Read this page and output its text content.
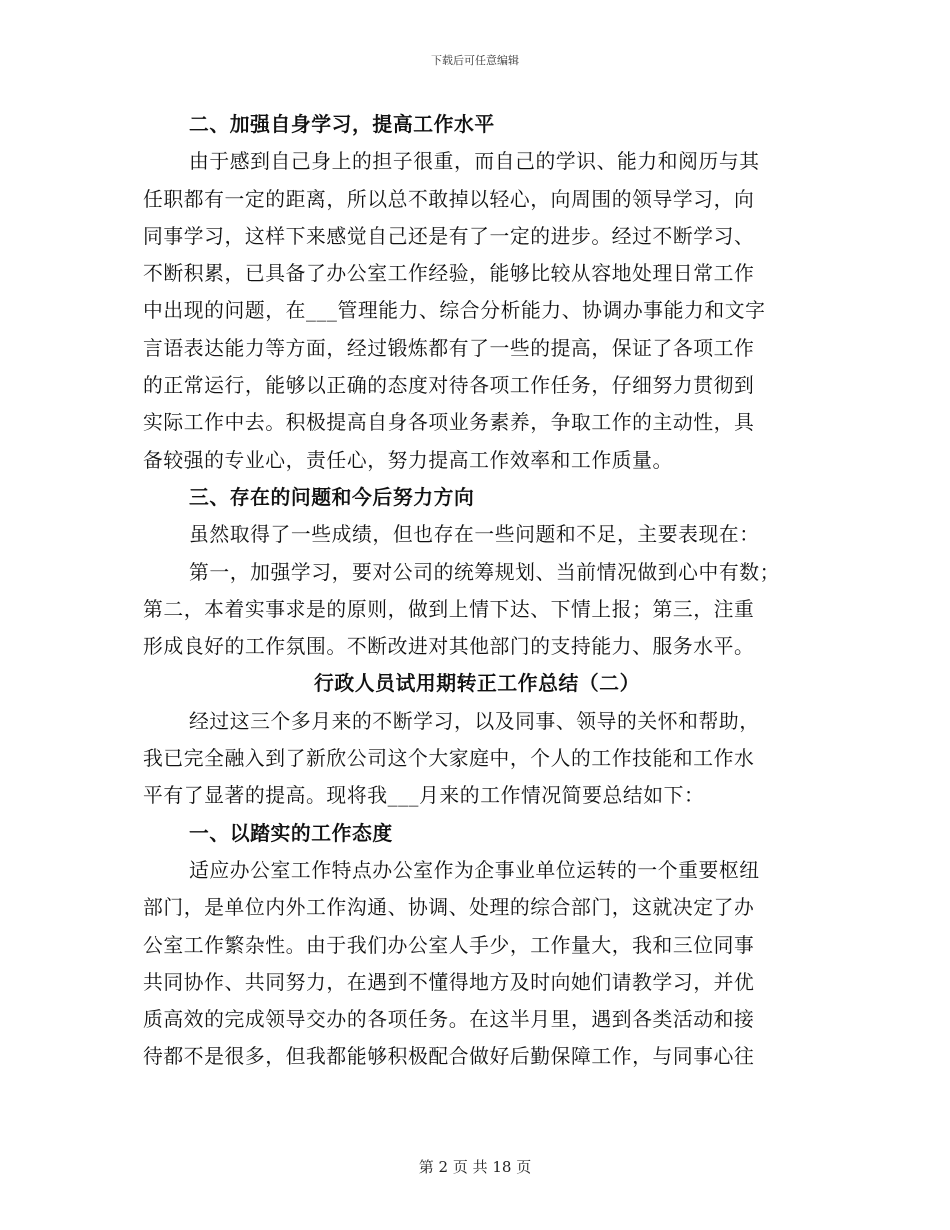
下载后可任意编辑
二、加强自身学习，提高工作水平
由于感到自己身上的担子很重，而自己的学识、能力和阅历与其
任职都有一定的距离，所以总不敢掉以轻心，向周围的领导学习，向
同事学习，这样下来感觉自己还是有了一定的进步。经过不断学习、
不断积累，已具备了办公室工作经验，能够比较从容地处理日常工作
中出现的问题，在___管理能力、综合分析能力、协调办事能力和文字
言语表达能力等方面，经过锻炼都有了一些的提高，保证了各项工作
的正常运行，能够以正确的态度对待各项工作任务，仔细努力贯彻到
实际工作中去。积极提高自身各项业务素养，争取工作的主动性，具
备较强的专业心，责任心，努力提高工作效率和工作质量。
三、存在的问题和今后努力方向
虽然取得了一些成绩，但也存在一些问题和不足，主要表现在：
第一，加强学习，要对公司的统筹规划、当前情况做到心中有数；
第二，本着实事求是的原则，做到上情下达、下情上报；第三，注重
形成良好的工作氛围。不断改进对其他部门的支持能力、服务水平。
行政人员试用期转正工作总结（二）
经过这三个多月来的不断学习，以及同事、领导的关怀和帮助，
我已完全融入到了新欣公司这个大家庭中，个人的工作技能和工作水
平有了显著的提高。现将我___月来的工作情况简要总结如下：
一、以踏实的工作态度
适应办公室工作特点办公室作为企事业单位运转的一个重要枢纽
部门，是单位内外工作沟通、协调、处理的综合部门，这就决定了办
公室工作繁杂性。由于我们办公室人手少，工作量大，我和三位同事
共同协作、共同努力，在遇到不懂得地方及时向她们请教学习，并优
质高效的完成领导交办的各项任务。在这半月里，遇到各类活动和接
待都不是很多，但我都能够积极配合做好后勤保障工作，与同事心往
第 2 页 共 18 页
